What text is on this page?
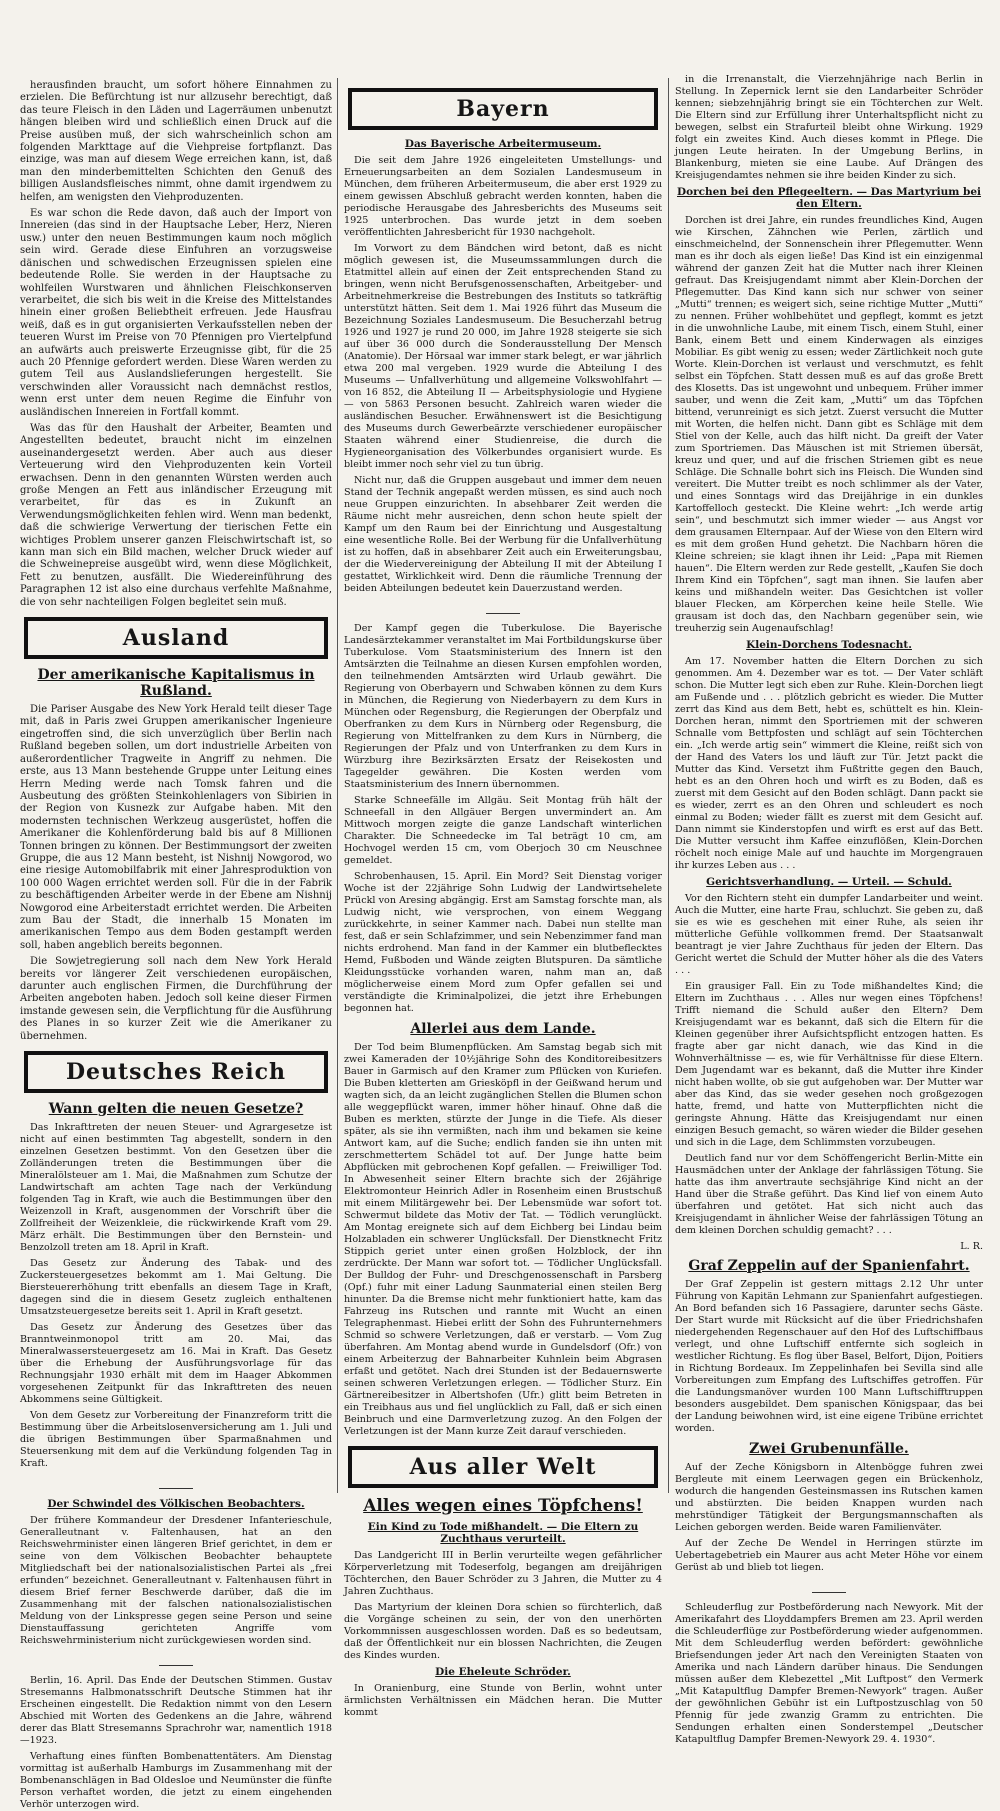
herausfinden braucht, um sofort höhere Einnahmen zu erzielen. Die Befürchtung ist nur allzusehr berechtigt, daß das teure Fleisch in den Läden und Lagerräumen unbenutzt hängen bleiben wird und schließlich einen Druck auf die Preise ausüben muß, der sich wahrscheinlich schon am folgenden Markttage auf die Viehpreise fortpflanzt. Das einzige, was man auf diesem Wege erreichen kann, ist, daß man den minderbemittelten Schichten den Genuß des billigen Auslandsfleisches nimmt, ohne damit irgendwem zu helfen, am wenigsten den Viehproduzenten.

Es war schon die Rede davon, daß auch der Import von Innereien (das sind in der Hauptsache Leber, Herz, Nieren usw.) unter den neuen Bestimmungen kaum noch möglich sein wird. Gerade diese Einfuhren an vorzugsweise dänischen und schwedischen Erzeugnissen spielen eine bedeutende Rolle. Sie werden in der Hauptsache zu wohlfeilen Wurstwaren und ähnlichen Fleischkonserven verarbeitet, die sich bis weit in die Kreise des Mittelstandes hinein einer großen Beliebtheit erfreuen. Jede Hausfrau weiß, daß es in gut organisierten Verkaufsstellen neben der teueren Wurst im Preise von 70 Pfennigen pro Viertelpfund an aufwärts auch preiswerte Erzeugnisse gibt, für die 25 auch 20 Pfennige gefordert werden. Diese Waren werden zu gutem Teil aus Auslandslieferungen hergestellt. Sie verschwinden aller Voraussicht nach demnächst restlos, wenn erst unter dem neuen Regime die Einfuhr von ausländischen Innereien in Fortfall kommt.

Was das für den Haushalt der Arbeiter, Beamten und Angestellten bedeutet, braucht nicht im einzelnen auseinandergesetzt werden. Aber auch aus dieser Verteuerung wird den Viehproduzenten kein Vorteil erwachsen. Denn in den genannten Würsten werden auch große Mengen an Fett aus inländischer Erzeugung mit verarbeitet, für das es in Zukunft an Verwendungsmöglichkeiten fehlen wird. Wenn man bedenkt, daß die schwierige Verwertung der tierischen Fette ein wichtiges Problem unserer ganzen Fleischwirtschaft ist, so kann man sich ein Bild machen, welcher Druck wieder auf die Schweinepreise ausgeübt wird, wenn diese Möglichkeit, Fett zu benutzen, ausfällt. Die Wiedereinführung des Paragraphen 12 ist also eine durchaus verfehlte Maßnahme, die von sehr nachteiligen Folgen begleitet sein muß.

Ausland
Der amerikanische Kapitalismus in Rußland.

Die Pariser Ausgabe des New York Herald teilt dieser Tage mit, daß in Paris zwei Gruppen amerikanischer Ingenieure eingetroffen sind, die sich unverzüglich über Berlin nach Rußland begeben sollen, um dort industrielle Arbeiten von außerordentlicher Tragweite in Angriff zu nehmen. Die erste, aus 13 Mann bestehende Gruppe unter Leitung eines Herrn Meding werde nach Tomsk fahren und die Ausbeutung des größten Steinkohlenlagers von Sibirien in der Region von Kusnezk zur Aufgabe haben. Mit den modernsten technischen Werkzeug ausgerüstet, hoffen die Amerikaner die Kohlenförderung bald bis auf 8 Millionen Tonnen bringen zu können. Der Bestimmungsort der zweiten Gruppe, die aus 12 Mann besteht, ist Nishnij Nowgorod, wo eine riesige Automobilfabrik mit einer Jahresproduktion von 100 000 Wagen errichtet werden soll. Für die in der Fabrik zu beschäftigenden Arbeiter werde in der Ebene am Nishnij Nowgorod eine Arbeiterstadt errichtet werden. Die Arbeiten zum Bau der Stadt, die innerhalb 15 Monaten im amerikanischen Tempo aus dem Boden gestampft werden soll, haben angeblich bereits begonnen.

Die Sowjetregierung soll nach dem New York Herald bereits vor längerer Zeit verschiedenen europäischen, darunter auch englischen Firmen, die Durchführung der Arbeiten angeboten haben. Jedoch soll keine dieser Firmen imstande gewesen sein, die Verpflichtung für die Ausführung des Planes in so kurzer Zeit wie die Amerikaner zu übernehmen.

Deutsches Reich
Wann gelten die neuen Gesetze?

Das Inkrafttreten der neuen Steuer- und Agrargesetze ist nicht auf einen bestimmten Tag abgestellt, sondern in den einzelnen Gesetzen bestimmt. Von den Gesetzen über die Zolländerungen treten die Bestimmungen über die Mineralölsteuer am 1. Mai, die Maßnahmen zum Schutze der Landwirtschaft am achten Tage nach der Verkündung folgenden Tag in Kraft, wie auch die Bestimmungen über den Weizenzoll in Kraft, ausgenommen der Vorschrift über die Zollfreiheit der Weizenkleie, die rückwirkende Kraft vom 29. März erhält. Die Bestimmungen über den Bernstein- und Benzolzoll treten am 18. April in Kraft.

Das Gesetz zur Änderung des Tabak- und des Zuckersteuergesetzes bekommt am 1. Mai Geltung. Die Biersteuererhöhung tritt ebenfalls an diesem Tage in Kraft, dagegen sind die in diesem Gesetz zugleich enthaltenen Umsatzsteuergesetze bereits seit 1. April in Kraft gesetzt.

Das Gesetz zur Änderung des Gesetzes über das Branntweinmonopol tritt am 20. Mai, das Mineralwassersteuergesetz am 16. Mai in Kraft. Das Gesetz über die Erhebung der Ausführungsvorlage für das Rechnungsjahr 1930 erhält mit dem im Haager Abkommen vorgesehenen Zeitpunkt für das Inkrafttreten des neuen Abkommens seine Gültigkeit.

Von dem Gesetz zur Vorbereitung der Finanzreform tritt die Bestimmung über die Arbeitslosenversicherung am 1. Juli und die übrigen Bestimmungen über Sparmaßnahmen und Steuersenkung mit dem auf die Verkündung folgenden Tag in Kraft.

Der Schwindel des Völkischen Beobachters.

Der frühere Kommandeur der Dresdener Infanterieschule, Generalleutnant v. Faltenhausen, hat an den Reichswehrminister einen längeren Brief gerichtet, in dem er seine von dem Völkischen Beobachter behauptete Mitgliedschaft bei der nationalsozialistischen Partei als „frei erfunden“ bezeichnet. Generalleutnant v. Faltenhausen führt in diesem Brief ferner Beschwerde darüber, daß die im Zusammenhang mit der falschen nationalsozialistischen Meldung von der Linkspresse gegen seine Person und seine Dienstauffassung gerichteten Angriffe vom Reichswehrministerium nicht zurückgewiesen worden sind.

Berlin, 16. April. Das Ende der Deutschen Stimmen. Gustav Stresemanns Halbmonatsschrift Deutsche Stimmen hat ihr Erscheinen eingestellt. Die Redaktion nimmt von den Lesern Abschied mit Worten des Gedenkens an die Jahre, während derer das Blatt Stresemanns Sprachrohr war, namentlich 1918—1923.

Verhaftung eines fünften Bombenattentäters. Am Dienstag vormittag ist außerhalb Hamburgs im Zusammenhang mit der Bombenanschlägen in Bad Oldesloe und Neumünster die fünfte Person verhaftet worden, die jetzt zu einem eingehenden Verhör unterzogen wird.

Bayern
Das Bayerische Arbeitermuseum.

Die seit dem Jahre 1926 eingeleiteten Umstellungs- und Erneuerungsarbeiten an dem Sozialen Landesmuseum in München, dem früheren Arbeitermuseum, die aber erst 1929 zu einem gewissen Abschluß gebracht werden konnten, haben die periodische Herausgabe des Jahresberichts des Museums seit 1925 unterbrochen. Das wurde jetzt in dem soeben veröffentlichten Jahresbericht für 1930 nachgeholt.

Im Vorwort zu dem Bändchen wird betont, daß es nicht möglich gewesen ist, die Museumssammlungen durch die Etatmittel allein auf einen der Zeit entsprechenden Stand zu bringen, wenn nicht Berufsgenossenschaften, Arbeitgeber- und Arbeitnehmerkreise die Bestrebungen des Instituts so tatkräftig unterstützt hätten. Seit dem 1. Mai 1926 führt das Museum die Bezeichnung Soziales Landesmuseum. Die Besucherzahl betrug 1926 und 1927 je rund 20 000, im Jahre 1928 steigerte sie sich auf über 36 000 durch die Sonderausstellung Der Mensch (Anatomie). Der Hörsaal war immer stark belegt, er war jährlich etwa 200 mal vergeben. 1929 wurde die Abteilung I des Museums — Unfallverhütung und allgemeine Volkswohlfahrt — von 16 852, die Abteilung II — Arbeitsphysiologie und Hygiene — von 5863 Personen besucht. Zahlreich waren wieder die ausländischen Besucher. Erwähnenswert ist die Besichtigung des Museums durch Gewerbeärzte verschiedener europäischer Staaten während einer Studienreise, die durch die Hygieneorganisation des Völkerbundes organisiert wurde. Es bleibt immer noch sehr viel zu tun übrig.

Nicht nur, daß die Gruppen ausgebaut und immer dem neuen Stand der Technik angepaßt werden müssen, es sind auch noch neue Gruppen einzurichten. In absehbarer Zeit werden die Räume nicht mehr ausreichen, denn schon heute spielt der Kampf um den Raum bei der Einrichtung und Ausgestaltung eine wesentliche Rolle. Bei der Werbung für die Unfallverhütung ist zu hoffen, daß in absehbarer Zeit auch ein Erweiterungsbau, der die Wiedervereinigung der Abteilung II mit der Abteilung I gestattet, Wirklichkeit wird. Denn die räumliche Trennung der beiden Abteilungen bedeutet kein Dauerzustand werden.

Der Kampf gegen die Tuberkulose. Die Bayerische Landesärztekammer veranstaltet im Mai Fortbildungskurse über Tuberkulose. Vom Staatsministerium des Innern ist den Amtsärzten die Teilnahme an diesen Kursen empfohlen worden, den teilnehmenden Amtsärzten wird Urlaub gewährt. Die Regierung von Oberbayern und Schwaben können zu dem Kurs in München, die Regierung von Niederbayern zu dem Kurs in München oder Regensburg, die Regierungen der Oberpfalz und Oberfranken zu dem Kurs in Nürnberg oder Regensburg, die Regierung von Mittelfranken zu dem Kurs in Nürnberg, die Regierungen der Pfalz und von Unterfranken zu dem Kurs in Würzburg ihre Bezirksärzten Ersatz der Reisekosten und Tagegelder gewähren. Die Kosten werden vom Staatsministerium des Innern übernommen.

Starke Schneefälle im Allgäu. Seit Montag früh hält der Schneefall in den Allgäuer Bergen unvermindert an. Am Mittwoch morgen zeigte die ganze Landschaft winterlichen Charakter. Die Schneedecke im Tal beträgt 10 cm, am Hochvogel werden 15 cm, vom Oberjoch 30 cm Neuschnee gemeldet.

Schrobenhausen, 15. April. Ein Mord? Seit Dienstag voriger Woche ist der 22jährige Sohn Ludwig der Landwirtsehelete Prückl von Aresing abgängig. Erst am Samstag forschte man, als Ludwig nicht, wie versprochen, von einem Weggang zurückkehrte, in seiner Kammer nach. Dabei nun stellte man fest, daß er sein Schlafzimmer, und sein Nebenzimmer fand man nichts erdrohend. Man fand in der Kammer ein blutbeflecktes Hemd, Fußboden und Wände zeigten Blutspuren. Da sämtliche Kleidungsstücke vorhanden waren, nahm man an, daß möglicherweise einem Mord zum Opfer gefallen sei und verständigte die Kriminalpolizei, die jetzt ihre Erhebungen begonnen hat.

Allerlei aus dem Lande.

Der Tod beim Blumenpflücken. Am Samstag begab sich mit zwei Kameraden der 10½jährige Sohn des Konditoreibesitzers Bauer in Garmisch auf den Kramer zum Pflücken von Kuriefen. Die Buben kletterten am Griesköpfl in der Geißwand herum und wagten sich, da an leicht zugänglichen Stellen die Blumen schon alle weggepflückt waren, immer höher hinauf. Ohne daß die Buben es merkten, stürzte der Junge in die Tiefe. Als dieser später, als sie ihn vermißten, nach ihm und bekamen sie keine Antwort kam, auf die Suche; endlich fanden sie ihn unten mit zerschmettertem Schädel tot auf. Der Junge hatte beim Abpflücken mit gebrochenen Kopf gefallen. — Freiwilliger Tod. In Abwesenheit seiner Eltern brachte sich der 26jährige Elektromonteur Heinrich Adler in Rosenheim einen Brustschuß mit einem Militärgewehr bei. Der Lebensmüde war sofort tot. Schwermut bildete das Motiv der Tat. — Tödlich verunglückt. Am Montag ereignete sich auf dem Eichberg bei Lindau beim Holzabladen ein schwerer Unglücksfall. Der Dienstknecht Fritz Stippich geriet unter einen großen Holzblock, der ihn zerdrückte. Der Mann war sofort tot. — Tödlicher Unglücksfall. Der Bulldog der Fuhr- und Dreschgenossenschaft in Parsberg (Opf.) fuhr mit einer Ladung Saunmaterial einen steilen Berg hinunter. Da die Bremse nicht mehr funktioniert hatte, kam das Fahrzeug ins Rutschen und rannte mit Wucht an einen Telegraphenmast. Hiebei erlitt der Sohn des Fuhrunternehmers Schmid so schwere Verletzungen, daß er verstarb. — Vom Zug überfahren. Am Montag abend wurde in Gundelsdorf (Ofr.) von einem Arbeiterzug der Bahnarbeiter Kuhnlein beim Abgrasen erfaßt und getötet. Nach drei Stunden ist der Bedauernswerte seinen schweren Verletzungen erlegen. — Tödlicher Sturz. Ein Gärtnereibesitzer in Albertshofen (Ufr.) glitt beim Betreten in ein Treibhaus aus und fiel unglücklich zu Fall, daß er sich einen Beinbruch und eine Darmverletzung zuzog. An den Folgen der Verletzungen ist der Mann kurze Zeit darauf verschieden.

Aus aller Welt
Alles wegen eines Töpfchens!
Ein Kind zu Tode mißhandelt. — Die Eltern zu Zuchthaus verurteilt.

Das Landgericht III in Berlin verurteilte wegen gefährlicher Körperverletzung mit Todeserfolg, begangen am dreijährigen Töchterchen, den Bauer Schröder zu 3 Jahren, die Mutter zu 4 Jahren Zuchthaus.

Das Martyrium der kleinen Dora schien so fürchterlich, daß die Vorgänge scheinen zu sein, der von den unerhörten Vorkommnissen ausgeschlossen worden. Daß es so bedeutsam, daß der Öffentlichkeit nur ein blossen Nachrichten, die Zeugen des Kindes wurden.

Die Eheleute Schröder.

In Oranienburg, eine Stunde von Berlin, wohnt unter ärmlichsten Verhältnissen ein Mädchen heran. Die Mutter kommt

in die Irrenanstalt, die Vierzehnjährige nach Berlin in Stellung. In Zepernick lernt sie den Landarbeiter Schröder kennen; siebzehnjährig bringt sie ein Töchterchen zur Welt. Die Eltern sind zur Erfüllung ihrer Unterhaltspflicht nicht zu bewegen, selbst ein Strafurteil bleibt ohne Wirkung. 1929 folgt ein zweites Kind. Auch dieses kommt in Pflege. Die jungen Leute heiraten. In der Umgebung Berlins, in Blankenburg, mieten sie eine Laube. Auf Drängen des Kreisjugendamtes nehmen sie ihre beiden Kinder zu sich.

Dorchen bei den Pflegeeltern. — Das Martyrium bei den Eltern.

Dorchen ist drei Jahre, ein rundes freundliches Kind, Augen wie Kirschen, Zähnchen wie Perlen, zärtlich und einschmeichelnd, der Sonnenschein ihrer Pflegemutter. Wenn man es ihr doch als eigen ließe! Das Kind ist ein einzigenmal während der ganzen Zeit hat die Mutter nach ihrer Kleinen gefraut. Das Kreisjugendamt nimmt aber Klein-Dorchen der Pflegemutter. Das Kind kann sich nur schwer von seiner „Mutti“ trennen; es weigert sich, seine richtige Mutter „Mutti“ zu nennen. Früher wohlbehütet und gepflegt, kommt es jetzt in die unwohnliche Laube, mit einem Tisch, einem Stuhl, einer Bank, einem Bett und einem Kinderwagen als einziges Mobiliar. Es gibt wenig zu essen; weder Zärtlichkeit noch gute Worte. Klein-Dorchen ist verlaust und verschmutzt, es fehlt selbst ein Töpfchen. Statt dessen muß es auf das große Brett des Klosetts. Das ist ungewohnt und unbequem. Früher immer sauber, und wenn die Zeit kam, „Mutti“ um das Töpfchen bittend, verunreinigt es sich jetzt. Zuerst versucht die Mutter mit Worten, die helfen nicht. Dann gibt es Schläge mit dem Stiel von der Kelle, auch das hilft nicht. Da greift der Vater zum Sportriemen. Das Mäuschen ist mit Striemen übersät, kreuz und quer, und auf die frischen Striemen gibt es neue Schläge. Die Schnalle bohrt sich ins Fleisch. Die Wunden sind vereitert. Die Mutter treibt es noch schlimmer als der Vater, und eines Sonntags wird das Dreijährige in ein dunkles Kartoffelloch gesteckt. Die Kleine wehrt: „Ich werde artig sein“, und beschmutzt sich immer wieder — aus Angst vor dem grausamen Elternpaar. Auf der Wiese von den Eltern wird es mit dem großen Hund gehetzt. Die Nachbarn hören die Kleine schreien; sie klagt ihnen ihr Leid: „Papa mit Riemen hauen“. Die Eltern werden zur Rede gestellt, „Kaufen Sie doch Ihrem Kind ein Töpfchen“, sagt man ihnen. Sie laufen aber keins und mißhandeln weiter. Das Gesichtchen ist voller blauer Flecken, am Körperchen keine heile Stelle. Wie grausam ist doch das, den Nachbarn gegenüber sein, wie treuherzig sein Augenaufschlag!

Klein-Dorchens Todesnacht.

Am 17. November hatten die Eltern Dorchen zu sich genommen. Am 4. Dezember war es tot. — Der Vater schläft schon. Die Mutter legt sich eben zur Ruhe. Klein-Dorchen liegt am Fußende und . . . plötzlich gebricht es wieder. Die Mutter zerrt das Kind aus dem Bett, hebt es, schüttelt es hin. Klein-Dorchen heran, nimmt den Sportriemen mit der schweren Schnalle vom Bettpfosten und schlägt auf sein Töchterchen ein. „Ich werde artig sein“ wimmert die Kleine, reißt sich von der Hand des Vaters los und läuft zur Tür. Jetzt packt die Mutter das Kind. Versetzt ihm Fußtritte gegen den Bauch, hebt es an den Ohren hoch und wirft es zu Boden, daß es zuerst mit dem Gesicht auf den Boden schlägt. Dann packt sie es wieder, zerrt es an den Ohren und schleudert es noch einmal zu Boden; wieder fällt es zuerst mit dem Gesicht auf. Dann nimmt sie Kinderstopfen und wirft es erst auf das Bett. Die Mutter versucht ihm Kaffee einzuflößen, Klein-Dorchen röchelt noch einige Male auf und hauchte im Morgengrauen ihr kurzes Leben aus . . .

Gerichtsverhandlung. — Urteil. — Schuld.

Vor den Richtern steht ein dumpfer Landarbeiter und weint. Auch die Mutter, eine harte Frau, schluchzt. Sie geben zu, daß sie es wie es geschehen mit einer Ruhe, als seien ihr mütterliche Gefühle vollkommen fremd. Der Staatsanwalt beantragt je vier Jahre Zuchthaus für jeden der Eltern. Das Gericht wertet die Schuld der Mutter höher als die des Vaters . . .

Ein grausiger Fall. Ein zu Tode mißhandeltes Kind; die Eltern im Zuchthaus . . . Alles nur wegen eines Töpfchens! Trifft niemand die Schuld außer den Eltern? Dem Kreisjugendamt war es bekannt, daß sich die Eltern für die Kleinen gegenüber ihrer Aufsichtspflicht entzogen hatten. Es fragte aber gar nicht danach, wie das Kind in die Wohnverhältnisse — es, wie für Verhältnisse für diese Eltern. Dem Jugendamt war es bekannt, daß die Mutter ihre Kinder nicht haben wollte, ob sie gut aufgehoben war. Der Mutter war aber das Kind, das sie weder gesehen noch großgezogen hatte, fremd, und hatte von Mutterpflichten nicht die geringste Ahnung. Hätte das Kreisjugendamt nur einen einzigen Besuch gemacht, so wären wieder die Bilder gesehen und sich in die Lage, dem Schlimmsten vorzubeugen.

Deutlich fand nur vor dem Schöffengericht Berlin-Mitte ein Hausmädchen unter der Anklage der fahrlässigen Tötung. Sie hatte das ihm anvertraute sechsjährige Kind nicht an der Hand über die Straße geführt. Das Kind lief von einem Auto überfahren und getötet. Hat sich nicht auch das Kreisjugendamt in ähnlicher Weise der fahrlässigen Tötung an dem kleinen Dorchen schuldig gemacht? . . .

L. R.
Graf Zeppelin auf der Spanienfahrt.

Der Graf Zeppelin ist gestern mittags 2.12 Uhr unter Führung von Kapitän Lehmann zur Spanienfahrt aufgestiegen. An Bord befanden sich 16 Passagiere, darunter sechs Gäste. Der Start wurde mit Rücksicht auf die über Friedrichshafen niedergehenden Regenschauer auf den Hof des Luftschiffbaus verlegt, und ohne Luftschiff entfernte sich sogleich in westlicher Richtung. Es flog über Basel, Belfort, Dijon, Poitiers in Richtung Bordeaux. Im Zeppelinhafen bei Sevilla sind alle Vorbereitungen zum Empfang des Luftschiffes getroffen. Für die Landungsmanöver wurden 100 Mann Luftschifftruppen besonders ausgebildet. Dem spanischen Königspaar, das bei der Landung beiwohnen wird, ist eine eigene Tribüne errichtet worden.

Zwei Grubenunfälle.

Auf der Zeche Königsborn in Altenbögge fuhren zwei Bergleute mit einem Leerwagen gegen ein Brückenholz, wodurch die hangenden Gesteinsmassen ins Rutschen kamen und abstürzten. Die beiden Knappen wurden nach mehrstündiger Tätigkeit der Bergungsmannschaften als Leichen geborgen werden. Beide waren Familienväter.

Auf der Zeche De Wendel in Herringen stürzte im Uebertagebetrieb ein Maurer aus acht Meter Höhe vor einem Gerüst ab und blieb tot liegen.

Schleuderflug zur Postbeförderung nach Newyork. Mit der Amerikafahrt des Lloyddampfers Bremen am 23. April werden die Schleuderflüge zur Postbeförderung wieder aufgenommen. Mit dem Schleuderflug werden befördert: gewöhnliche Briefsendungen jeder Art nach den Vereinigten Staaten von Amerika und nach Ländern darüber hinaus. Die Sendungen müssen außer dem Klebezettel „Mit Luftpost“ den Vermerk „Mit Katapultflug Dampfer Bremen-Newyork“ tragen. Außer der gewöhnlichen Gebühr ist ein Luftpostzuschlag von 50 Pfennig für jede zwanzig Gramm zu entrichten. Die Sendungen erhalten einen Sonderstempel „Deutscher Katapultflug Dampfer Bremen-Newyork 29. 4. 1930“.
